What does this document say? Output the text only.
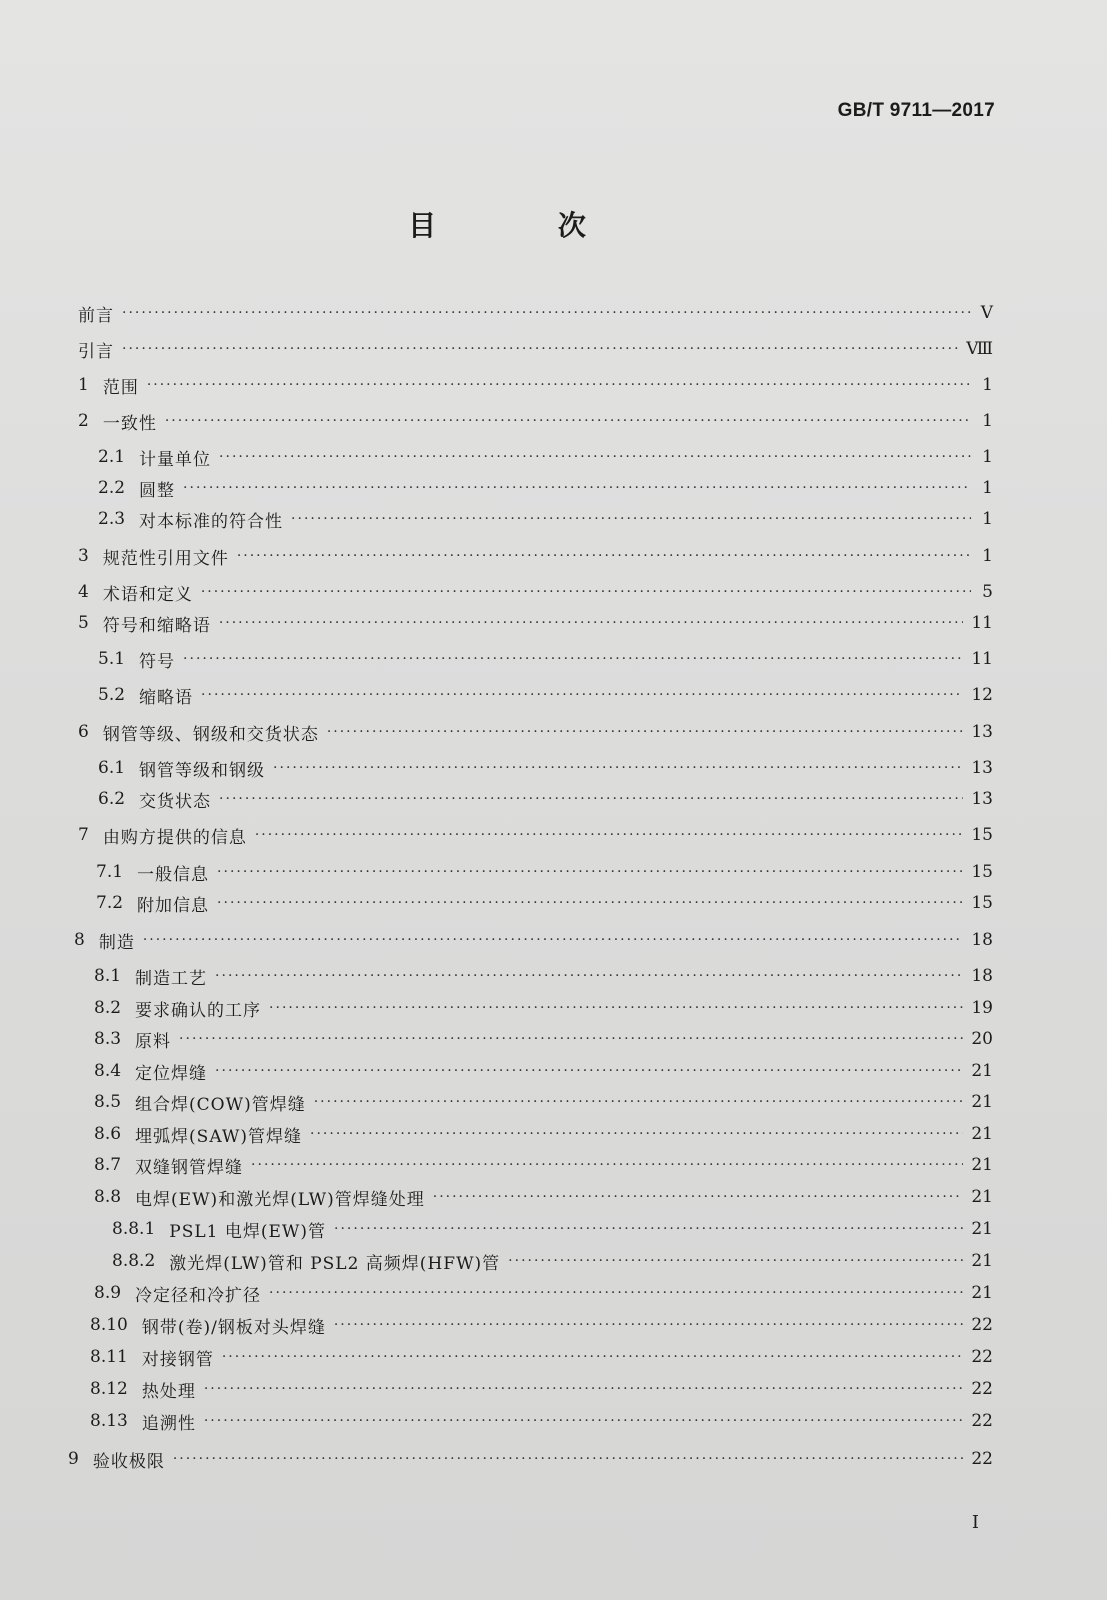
GB/T 9711—2017
目 次
前言 ·····	V
引言 ·····	Ⅷ
1 范围 ·····	1
2 一致性 ·····	1
2.1 计量单位 ·····	1
2.2 圆整 ·····	1
2.3 对本标准的符合性 ·····	1
3 规范性引用文件 ·····	1
4 术语和定义 ·····	5
5 符号和缩略语 ·····	11
5.1 符号 ·····	11
5.2 缩略语 ·····	12
6 钢管等级、钢级和交货状态 ·····	13
6.1 钢管等级和钢级 ·····	13
6.2 交货状态 ·····	13
7 由购方提供的信息 ·····	15
7.1 一般信息 ·····	15
7.2 附加信息 ·····	15
8 制造 ·····	18
8.1 制造工艺 ·····	18
8.2 要求确认的工序 ·····	19
8.3 原料 ·····	20
8.4 定位焊缝 ·····	21
8.5 组合焊(COW)管焊缝 ·····	21
8.6 埋弧焊(SAW)管焊缝 ·····	21
8.7 双缝钢管焊缝 ·····	21
8.8 电焊(EW)和激光焊(LW)管焊缝处理 ·····	21
8.8.1 PSL1 电焊(EW)管 ·····	21
8.8.2 激光焊(LW)管和 PSL2 高频焊(HFW)管 ·····	21
8.9 冷定径和冷扩径 ·····	21
8.10 钢带(卷)/钢板对头焊缝 ·····	22
8.11 对接钢管 ·····	22
8.12 热处理 ·····	22
8.13 追溯性 ·····	22
9 验收极限 ·····	22
I
